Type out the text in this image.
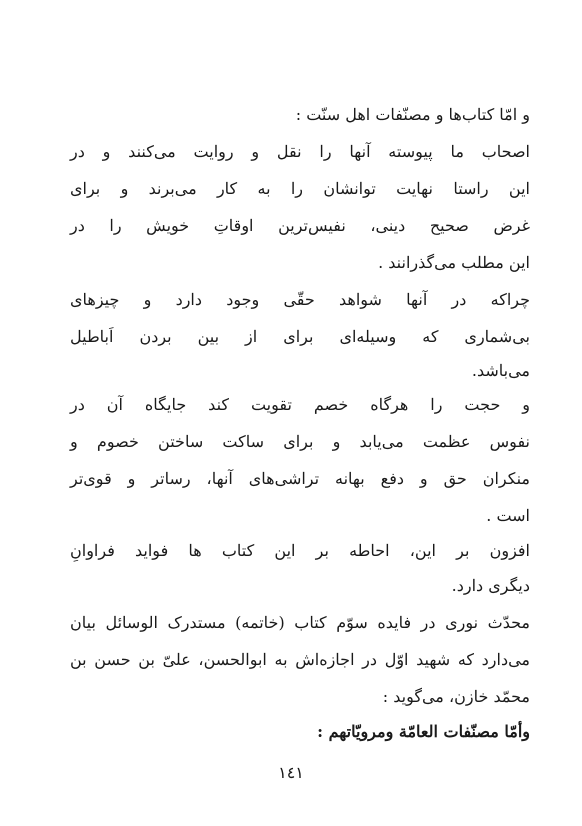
و امّا کتاب‌ها و مصنّفات اهل سنّت :
اصحاب ما پیوسته آنها را نقل و روایت می‌کنند و در
این راستا نهایت توانشان را به کار می‌برند و برای
غرض صحیح دینی، نفیس‌ترین اوقاتِ خویش را در
این مطلب می‌گذرانند .
چراکه در آنها شواهد حقّی وجود دارد و چیزهای
بی‌شماری که وسیله‌ای برای از بین بردن اَباطیل
می‌باشد.
و حجت را هرگاه خصم تقویت کند جایگاه آن در
نفوس عظمت می‌یابد و برای ساکت ساختن خصوم و
منکران حق و دفع بهانه تراشی‌های آنها، رساتر و قوی‌تر
است .
افزون بر این، احاطه بر این کتاب ها فواید فراوانِ
دیگری دارد.
محدّث نوری در فایده سوّم کتاب (خاتمه) مستدرک الوسائل بیان
می‌دارد که شهید اوّل در اجازه‌اش به ابوالحسن، علیّ بن حسن بن
محمّد خازن، می‌گوید :
وأمّا مصنّفات العامّة ومرويّاتهم :
١٤١
